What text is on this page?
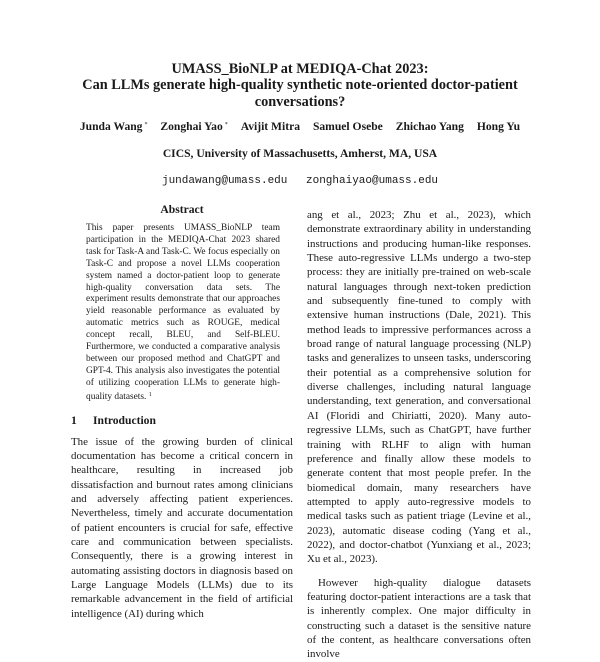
UMASS_BioNLP at MEDIQA-Chat 2023:
Can LLMs generate high-quality synthetic note-oriented doctor-patient
conversations?
Junda Wang * Zonghai Yao * Avijit Mitra Samuel Osebe Zhichao Yang Hong Yu
CICS, University of Massachusetts, Amherst, MA, USA
jundawang@umass.edu zonghaiyao@umass.edu
Abstract

This paper presents UMASS_BioNLP team participation in the MEDIQA-Chat 2023 shared task for Task-A and Task-C. We focus especially on Task-C and propose a novel LLMs cooperation system named a doctor-patient loop to generate high-quality conversation data sets. The experiment results demonstrate that our approaches yield reasonable performance as evaluated by automatic metrics such as ROUGE, medical concept recall, BLEU, and Self-BLEU. Furthermore, we conducted a comparative analysis between our proposed method and ChatGPT and GPT-4. This analysis also investigates the potential of utilizing cooperation LLMs to generate high-quality datasets. $^1$

1 Introduction

The issue of the growing burden of clinical documentation has become a critical concern in healthcare, resulting in increased job dissatisfaction and burnout rates among clinicians and adversely affecting patient experiences. Nevertheless, timely and accurate documentation of patient encounters is crucial for safe, effective care and communication between specialists. Consequently, there is a growing interest in automating assisting doctors in diagnosis based on Large Language Models (LLMs) due to its remarkable advancement in the field of artificial intelligence (AI) during which

ang et al., 2023; Zhu et al., 2023), which demonstrate extraordinary ability in understanding instructions and producing human-like responses. These auto-regressive LLMs undergo a two-step process: they are initially pre-trained on web-scale natural languages through next-token prediction and subsequently fine-tuned to comply with extensive human instructions (Dale, 2021). This method leads to impressive performances across a broad range of natural language processing (NLP) tasks and generalizes to unseen tasks, underscoring their potential as a comprehensive solution for diverse challenges, including natural language understanding, text generation, and conversational AI (Floridi and Chiriatti, 2020). Many auto-regressive LLMs, such as ChatGPT, have further training with RLHF to align with human preference and finally allow these models to generate content that most people prefer. In the biomedical domain, many researchers have attempted to apply auto-regressive models to medical tasks such as patient triage (Levine et al., 2023), automatic disease coding (Yang et al., 2022), and doctor-chatbot (Yunxiang et al., 2023; Xu et al., 2023).

However high-quality dialogue datasets featuring doctor-patient interactions are a task that is inherently complex. One major difficulty in constructing such a dataset is the sensitive nature of the content, as healthcare conversations often involve
